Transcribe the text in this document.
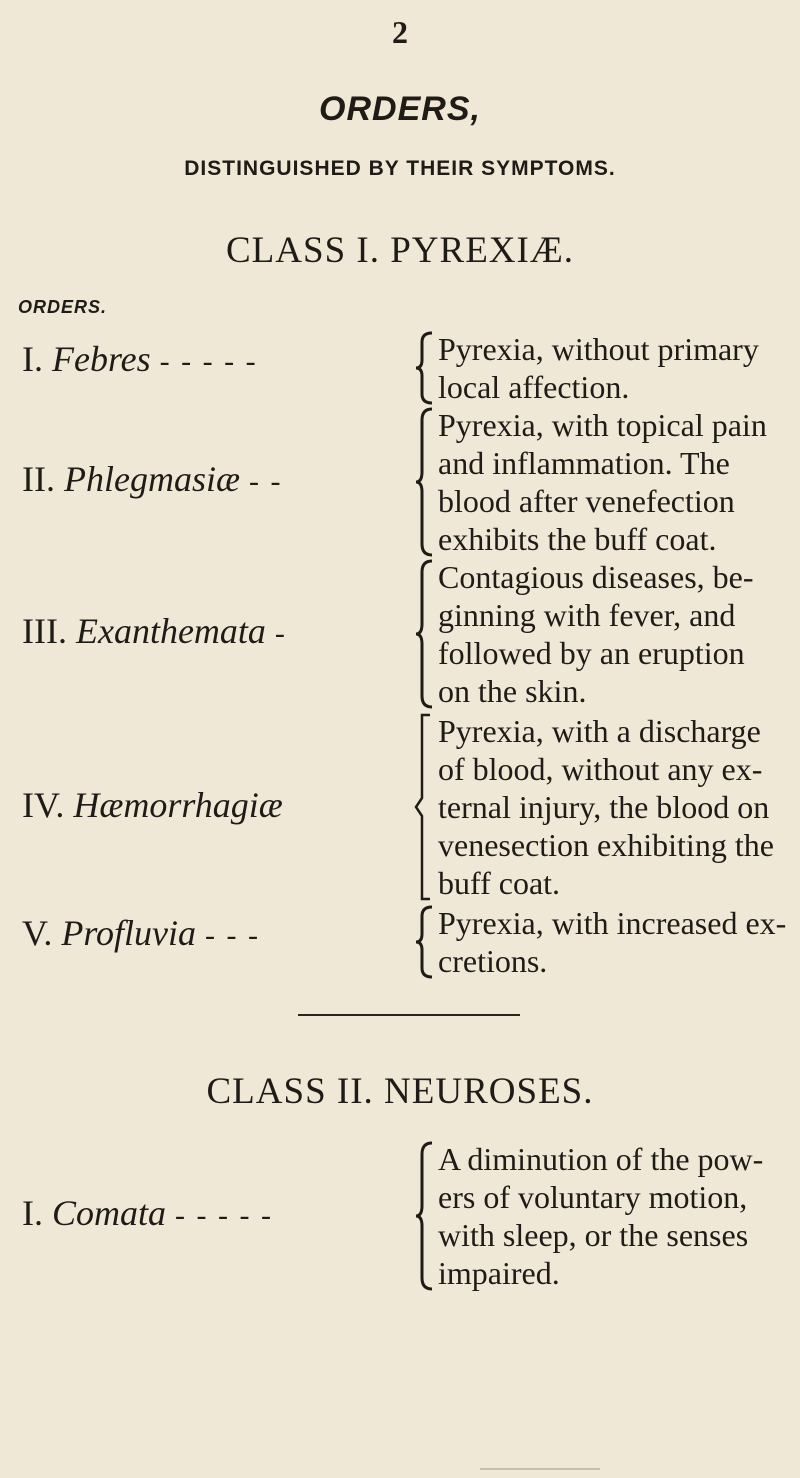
2
ORDERS,
DISTINGUISHED BY THEIR SYMPTOMS.
CLASS I. PYREXIÆ.
ORDERS.
I. Febres - - - - -	Pyrexia, without primary
local affection.
II. Phlegmasiæ - -
Pyrexia, with topical pain
and inflammation. The
blood after venefection
exhibits the buff coat.
III. Exanthemata -
Contagious diseases, be-
ginning with fever, and
followed by an eruption
on the skin.
IV. Hæmorrhagiæ
Pyrexia, with a discharge
of blood, without any ex-
ternal injury, the blood on
venesection exhibiting the
buff coat.
V. Profluvia - - -	Pyrexia, with increased ex-
cretions.
CLASS II. NEUROSES.
I. Comata - - - - -
A diminution of the pow-
ers of voluntary motion,
with sleep, or the senses
impaired.
